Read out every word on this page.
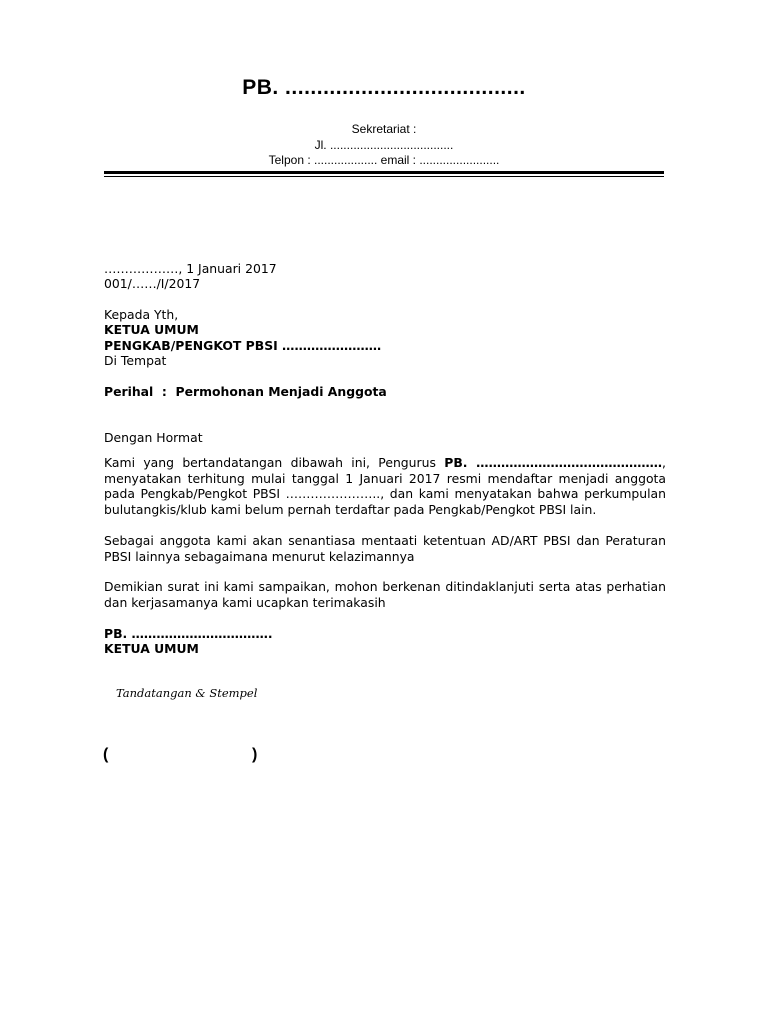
PB. ......................................
Sekretariat :
Jl. .....................................
Telpon : ................... email : ........................
………………, 1 Januari 2017
001/……/I/2017
Kepada Yth,
KETUA UMUM
PENGKAB/PENGKOT PBSI ……………………
Di Tempat
Perihal : Permohonan Menjadi Anggota
Dengan Hormat
Kami yang bertandatangan dibawah ini, Pengurus PB. ………………………………………, menyatakan terhitung mulai tanggal 1 Januari 2017 resmi mendaftar menjadi anggota pada Pengkab/Pengkot PBSI ………………….., dan kami menyatakan bahwa perkumpulan bulutangkis/klub kami belum pernah terdaftar pada Pengkab/Pengkot PBSI lain.
Sebagai anggota kami akan senantiasa mentaati ketentuan AD/ART PBSI dan Peraturan PBSI lainnya sebagaimana menurut kelazimannya
Demikian surat ini kami sampaikan, mohon berkenan ditindaklanjuti serta atas perhatian dan kerjasamanya kami ucapkan terimakasih
PB. …………………………….
KETUA UMUM
Tandatangan & Stempel
(	)
